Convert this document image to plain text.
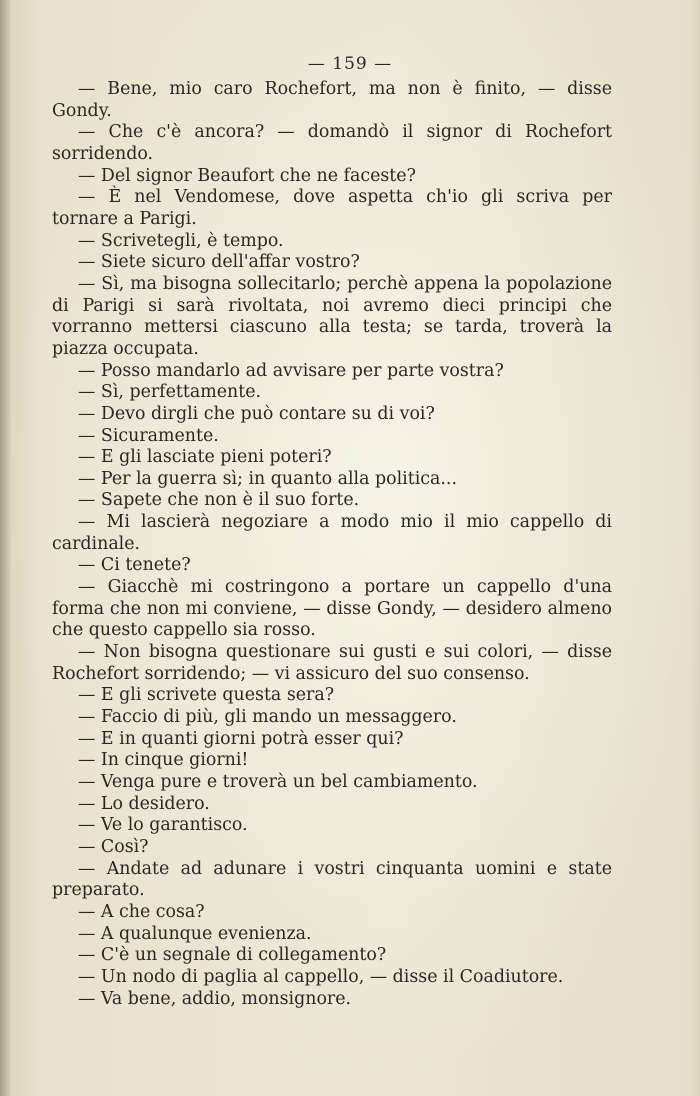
— 159 —

— Bene, mio caro Rochefort, ma non è finito, — disse Gondy.

— Che c'è ancora? — domandò il signor di Rochefort sorridendo.

— Del signor Beaufort che ne faceste?

— È nel Vendomese, dove aspetta ch'io gli scriva per tornare a Parigi.

— Scrivetegli, è tempo.

— Siete sicuro dell'affar vostro?

— Sì, ma bisogna sollecitarlo; perchè appena la popolazione di Parigi si sarà rivoltata, noi avremo dieci principi che vorranno mettersi ciascuno alla testa; se tarda, troverà la piazza occupata.

— Posso mandarlo ad avvisare per parte vostra?

— Sì, perfettamente.

— Devo dirgli che può contare su di voi?

— Sicuramente.

— E gli lasciate pieni poteri?

— Per la guerra sì; in quanto alla politica...

— Sapete che non è il suo forte.

— Mi lascierà negoziare a modo mio il mio cappello di cardinale.

— Ci tenete?

— Giacchè mi costringono a portare un cappello d'una forma che non mi conviene, — disse Gondy, — desidero almeno che questo cappello sia rosso.

— Non bisogna questionare sui gusti e sui colori, — disse Rochefort sorridendo; — vi assicuro del suo consenso.

— E gli scrivete questa sera?

— Faccio di più, gli mando un messaggero.

— E in quanti giorni potrà esser qui?

— In cinque giorni!

— Venga pure e troverà un bel cambiamento.

— Lo desidero.

— Ve lo garantisco.

— Così?

— Andate ad adunare i vostri cinquanta uomini e state preparato.

— A che cosa?

— A qualunque evenienza.

— C'è un segnale di collegamento?

— Un nodo di paglia al cappello, — disse il Coadiutore.

— Va bene, addio, monsignore.
